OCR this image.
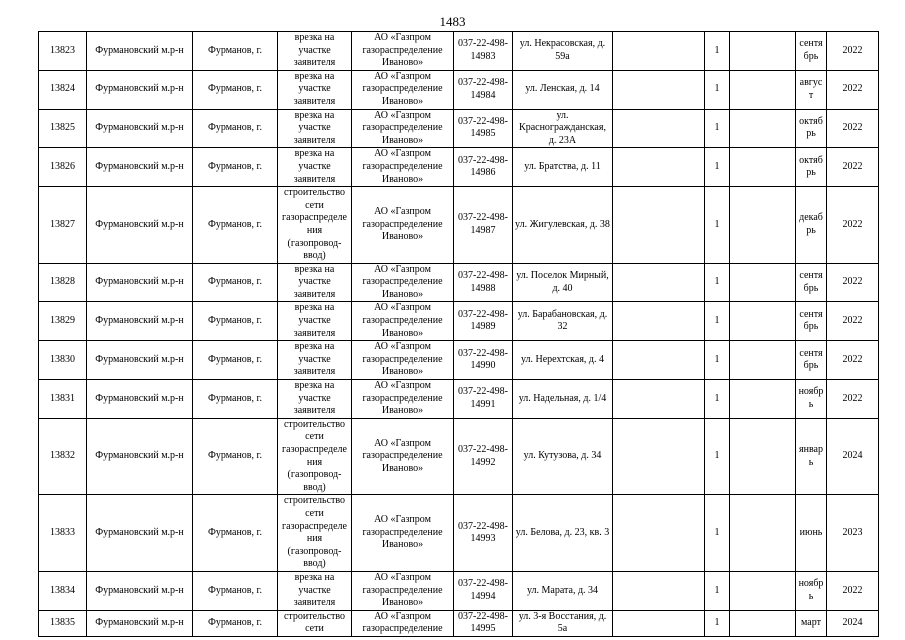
1483
13823	Фурмановский м.р-н	Фурманов, г.	врезка на участке заявителя	АО «Газпром газораспределение Иваново»	037-22-498-14983	ул. Некрасовская, д. 59а		1		сентябрь	2022
13824	Фурмановский м.р-н	Фурманов, г.	врезка на участке заявителя	АО «Газпром газораспределение Иваново»	037-22-498-14984	ул. Ленская, д. 14		1		август	2022
13825	Фурмановский м.р-н	Фурманов, г.	врезка на участке заявителя	АО «Газпром газораспределение Иваново»	037-22-498-14985	ул. Красногражданская, д. 23А		1		октябрь	2022
13826	Фурмановский м.р-н	Фурманов, г.	врезка на участке заявителя	АО «Газпром газораспределение Иваново»	037-22-498-14986	ул. Братства, д. 11		1		октябрь	2022
13827	Фурмановский м.р-н	Фурманов, г.	строительство сети газораспределения (газопровод-ввод)	АО «Газпром газораспределение Иваново»	037-22-498-14987	ул. Жигулевская, д. 38		1		декабрь	2022
13828	Фурмановский м.р-н	Фурманов, г.	врезка на участке заявителя	АО «Газпром газораспределение Иваново»	037-22-498-14988	ул. Поселок Мирный, д. 40		1		сентябрь	2022
13829	Фурмановский м.р-н	Фурманов, г.	врезка на участке заявителя	АО «Газпром газораспределение Иваново»	037-22-498-14989	ул. Барабановская, д. 32		1		сентябрь	2022
13830	Фурмановский м.р-н	Фурманов, г.	врезка на участке заявителя	АО «Газпром газораспределение Иваново»	037-22-498-14990	ул. Нерехтская, д. 4		1		сентябрь	2022
13831	Фурмановский м.р-н	Фурманов, г.	врезка на участке заявителя	АО «Газпром газораспределение Иваново»	037-22-498-14991	ул. Надельная, д. 1/4		1		ноябрь	2022
13832	Фурмановский м.р-н	Фурманов, г.	строительство сети газораспределения (газопровод-ввод)	АО «Газпром газораспределение Иваново»	037-22-498-14992	ул. Кутузова, д. 34		1		январь	2024
13833	Фурмановский м.р-н	Фурманов, г.	строительство сети газораспределения (газопровод-ввод)	АО «Газпром газораспределение Иваново»	037-22-498-14993	ул. Белова, д. 23, кв. 3		1		июнь	2023
13834	Фурмановский м.р-н	Фурманов, г.	врезка на участке заявителя	АО «Газпром газораспределение Иваново»	037-22-498-14994	ул. Марата, д. 34		1		ноябрь	2022
13835	Фурмановский м.р-н	Фурманов, г.	строительство сети	АО «Газпром газораспределение	037-22-498-14995	ул. 3-я Восстания, д. 5а		1		март	2024
